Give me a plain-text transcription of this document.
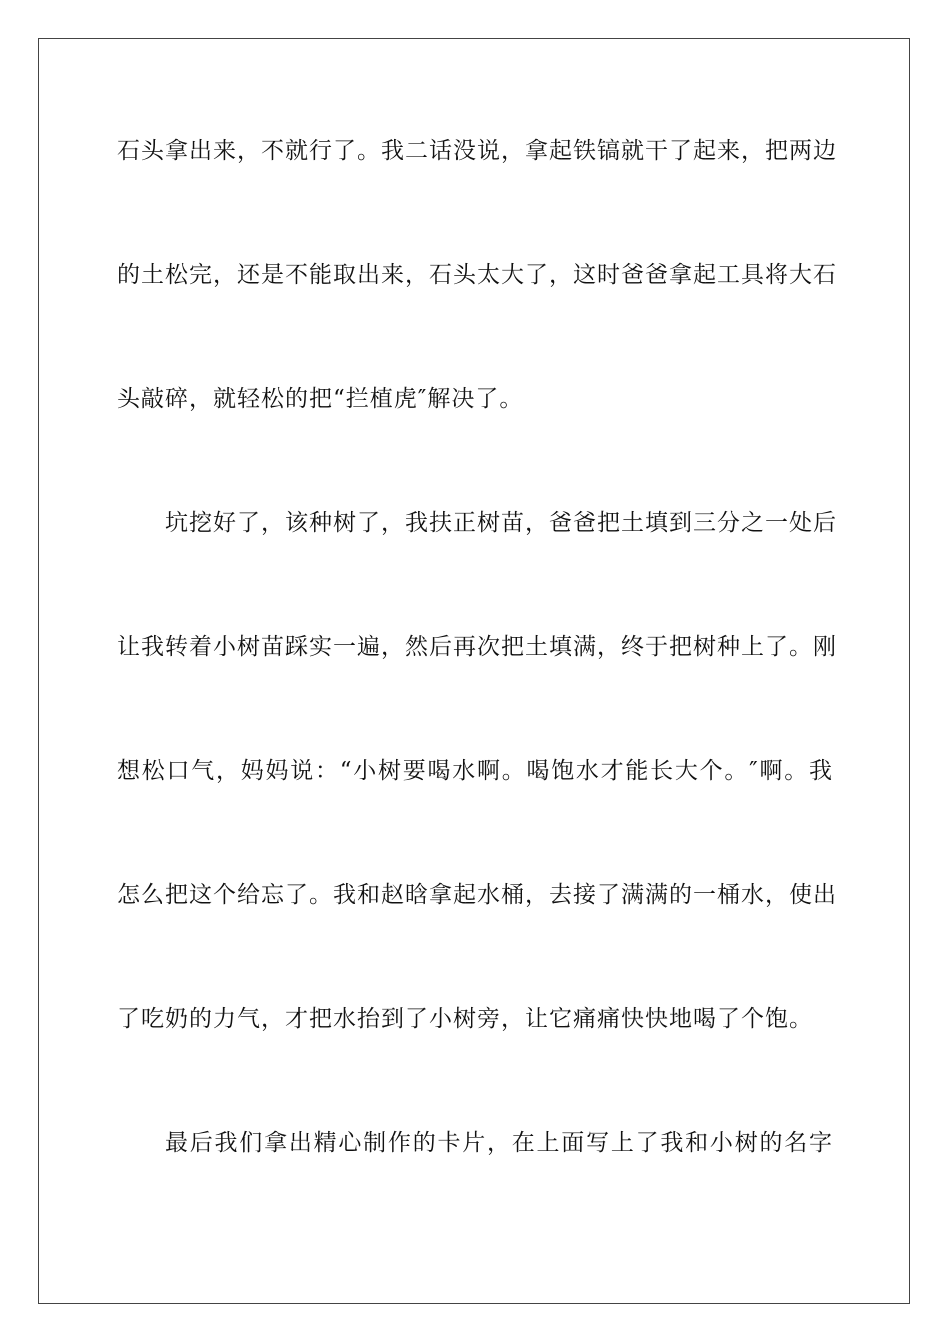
石头拿出来，不就行了。我二话没说，拿起铁镐就干了起来，把两边
的土松完，还是不能取出来，石头太大了，这时爸爸拿起工具将大石
头敲碎，就轻松的把“拦植虎″解决了。
坑挖好了，该种树了，我扶正树苗，爸爸把土填到三分之一处后
让我转着小树苗踩实一遍，然后再次把土填满，终于把树种上了。刚
想松口气，妈妈说：“小树要喝水啊。喝饱水才能长大个。″啊。我
怎么把这个给忘了。我和赵晗拿起水桶，去接了满满的一桶水，使出
了吃奶的力气，才把水抬到了小树旁，让它痛痛快快地喝了个饱。
最后我们拿出精心制作的卡片，在上面写上了我和小树的名字
